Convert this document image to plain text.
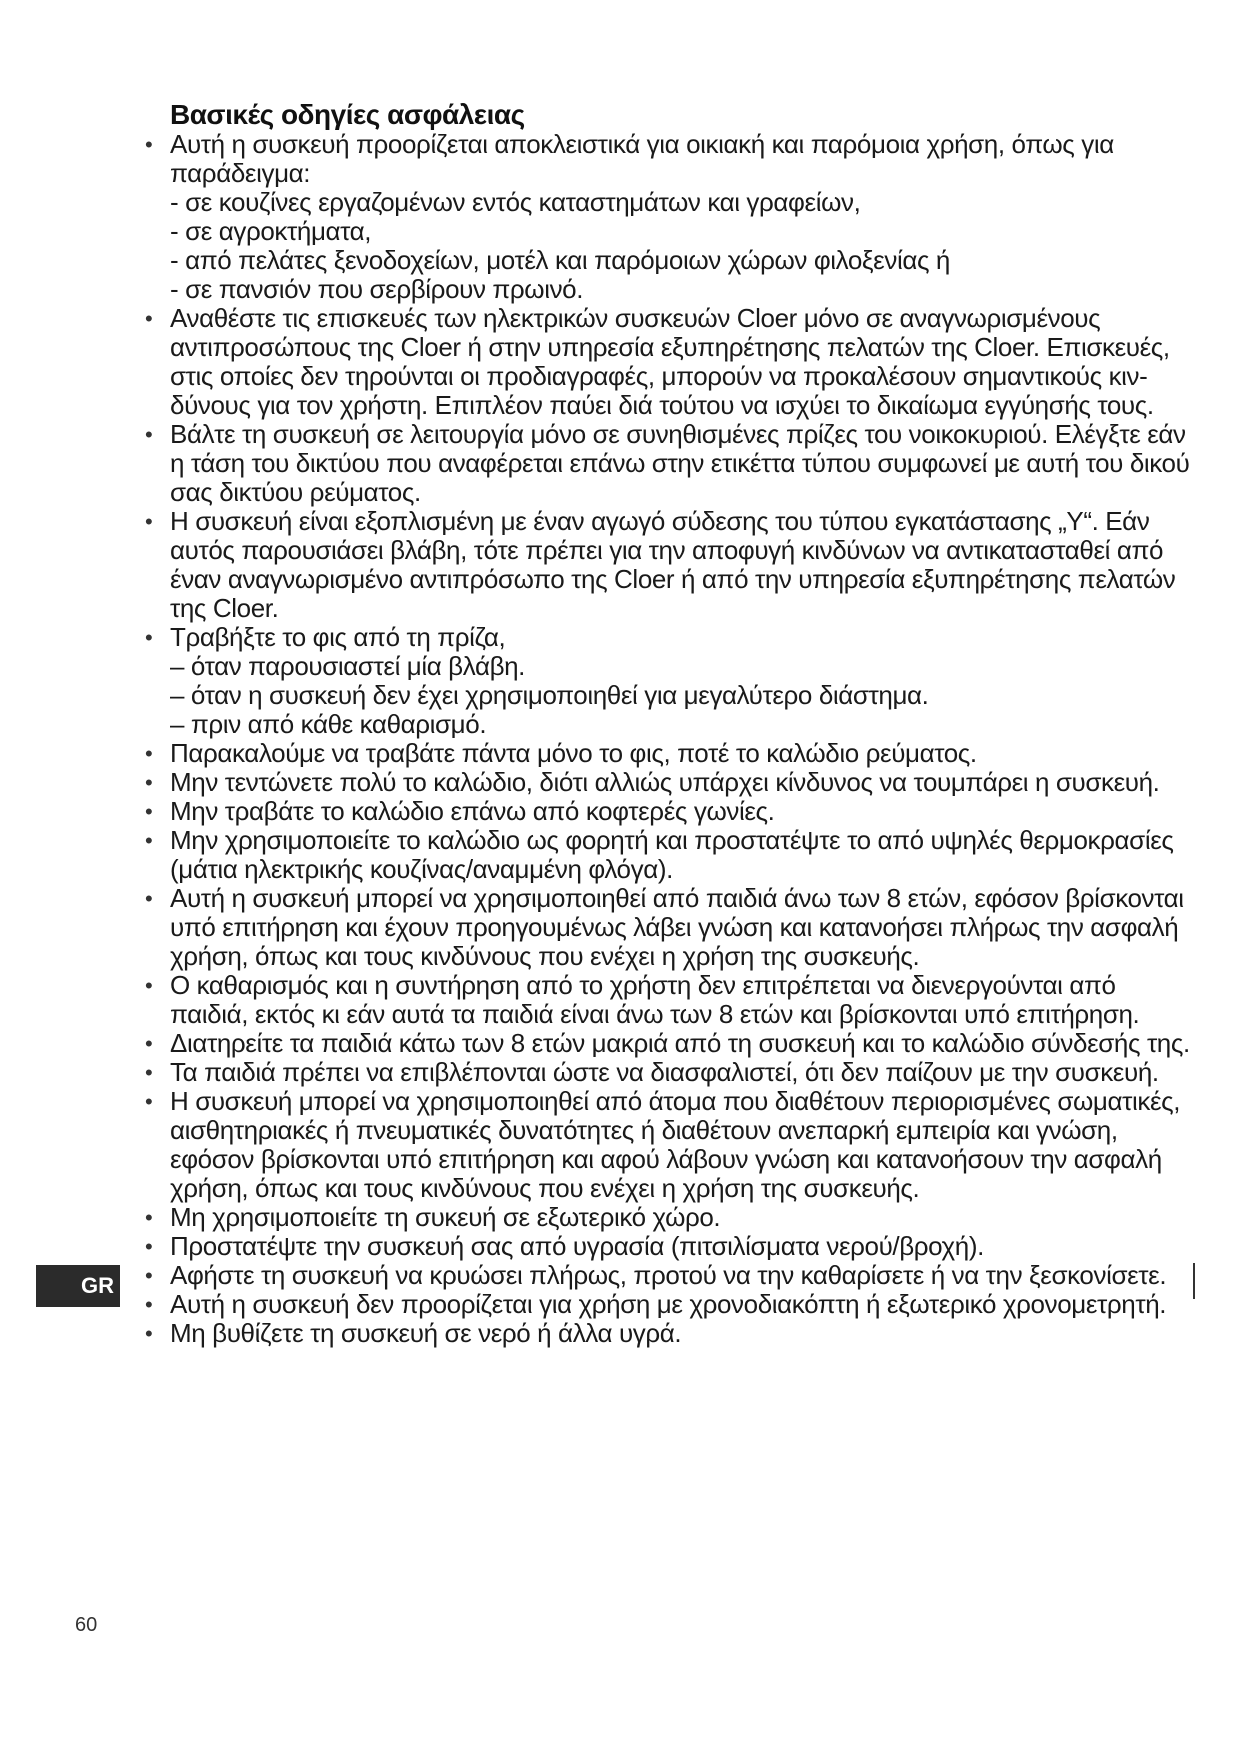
Βασικές οδηγίες ασφάλειας
• Αυτή η συσκευή προορίζεται αποκλειστικά για οικιακή και παρόμοια χρήση, όπως για παράδειγμα:
- σε κουζίνες εργαζομένων εντός καταστημάτων και γραφείων,
- σε αγροκτήματα,
- από πελάτες ξενοδοχείων, μοτέλ και παρόμοιων χώρων φιλοξενίας ή
- σε πανσιόν που σερβίρουν πρωινό.
• Αναθέστε τις επισκευές των ηλεκτρικών συσκευών Cloer μόνο σε αναγνωρισμένους αντιπροσώπους της Cloer ή στην υπηρεσία εξυπηρέτησης πελατών της Cloer. Επισκευές, στις οποίες δεν τηρούνται οι προδιαγραφές, μπορούν να προκαλέσουν σημαντικούς κιν-δύνους για τον χρήστη. Επιπλέον παύει διά τούτου να ισχύει το δικαίωμα εγγύησής τους.
• Βάλτε τη συσκευή σε λειτουργία μόνο σε συνηθισμένες πρίζες του νοικοκυριού. Ελέγξτε εάν η τάση του δικτύου που αναφέρεται επάνω στην ετικέττα τύπου συμφωνεί με αυτή του δικού σας δικτύου ρεύματος.
• Η συσκευή είναι εξοπλισμένη με έναν αγωγό σύδεσης του τύπου εγκατάστασης „Y“. Εάν αυτός παρουσιάσει βλάβη, τότε πρέπει για την αποφυγή κινδύνων να αντικατασταθεί από έναν αναγνωρισμένο αντιπρόσωπο της Cloer ή από την υπηρεσία εξυπηρέτησης πελατών της Cloer.
• Τραβήξτε το φις από τη πρίζα,
– όταν παρουσιαστεί μία βλάβη.
– όταν η συσκευή δεν έχει χρησιμοποιηθεί για μεγαλύτερο διάστημα.
– πριν από κάθε καθαρισμό.
• Παρακαλούμε να τραβάτε πάντα μόνο το φις, ποτέ το καλώδιο ρεύματος.
• Μην τεντώνετε πολύ το καλώδιο, διότι αλλιώς υπάρχει κίνδυνος να τουμπάρει η συσκευή.
• Μην τραβάτε το καλώδιο επάνω από κοφτερές γωνίες.
• Μην χρησιμοποιείτε το καλώδιο ως φορητή και προστατέψτε το από υψηλές θερμοκρασίες (μάτια ηλεκτρικής κουζίνας/αναμμένη φλόγα).
• Αυτή η συσκευή μπορεί να χρησιμοποιηθεί από παιδιά άνω των 8 ετών, εφόσον βρίσκονται υπό επιτήρηση και έχουν προηγουμένως λάβει γνώση και κατανοήσει πλήρως την ασφαλή χρήση, όπως και τους κινδύνους που ενέχει η χρήση της συσκευής.
• Ο καθαρισμός και η συντήρηση από το χρήστη δεν επιτρέπεται να διενεργούνται από παιδιά, εκτός κι εάν αυτά τα παιδιά είναι άνω των 8 ετών και βρίσκονται υπό επιτήρηση.
• Διατηρείτε τα παιδιά κάτω των 8 ετών μακριά από τη συσκευή και το καλώδιο σύνδεσής της.
• Τα παιδιά πρέπει να επιβλέπονται ώστε να διασφαλιστεί, ότι δεν παίζουν με την συσκευή.
• Η συσκευή μπορεί να χρησιμοποιηθεί από άτομα που διαθέτουν περιορισμένες σωματικές, αισθητηριακές ή πνευματικές δυνατότητες ή διαθέτουν ανεπαρκή εμπειρία και γνώση, εφόσον βρίσκονται υπό επιτήρηση και αφού λάβουν γνώση και κατανοήσουν την ασφαλή χρήση, όπως και τους κινδύνους που ενέχει η χρήση της συσκευής.
• Μη χρησιμοποιείτε τη συκευή σε εξωτερικό χώρο.
• Προστατέψτε την συσκευή σας από υγρασία (πιτσιλίσματα νερού/βροχή).
• Αφήστε τη συσκευή να κρυώσει πλήρως, προτού να την καθαρίσετε ή να την ξεσκονίσετε.
• Αυτή η συσκευή δεν προορίζεται για χρήση με χρονοδιακόπτη ή εξωτερικό χρονομετρητή.
• Μη βυθίζετε τη συσκευή σε νερό ή άλλα υγρά.
GR
60
